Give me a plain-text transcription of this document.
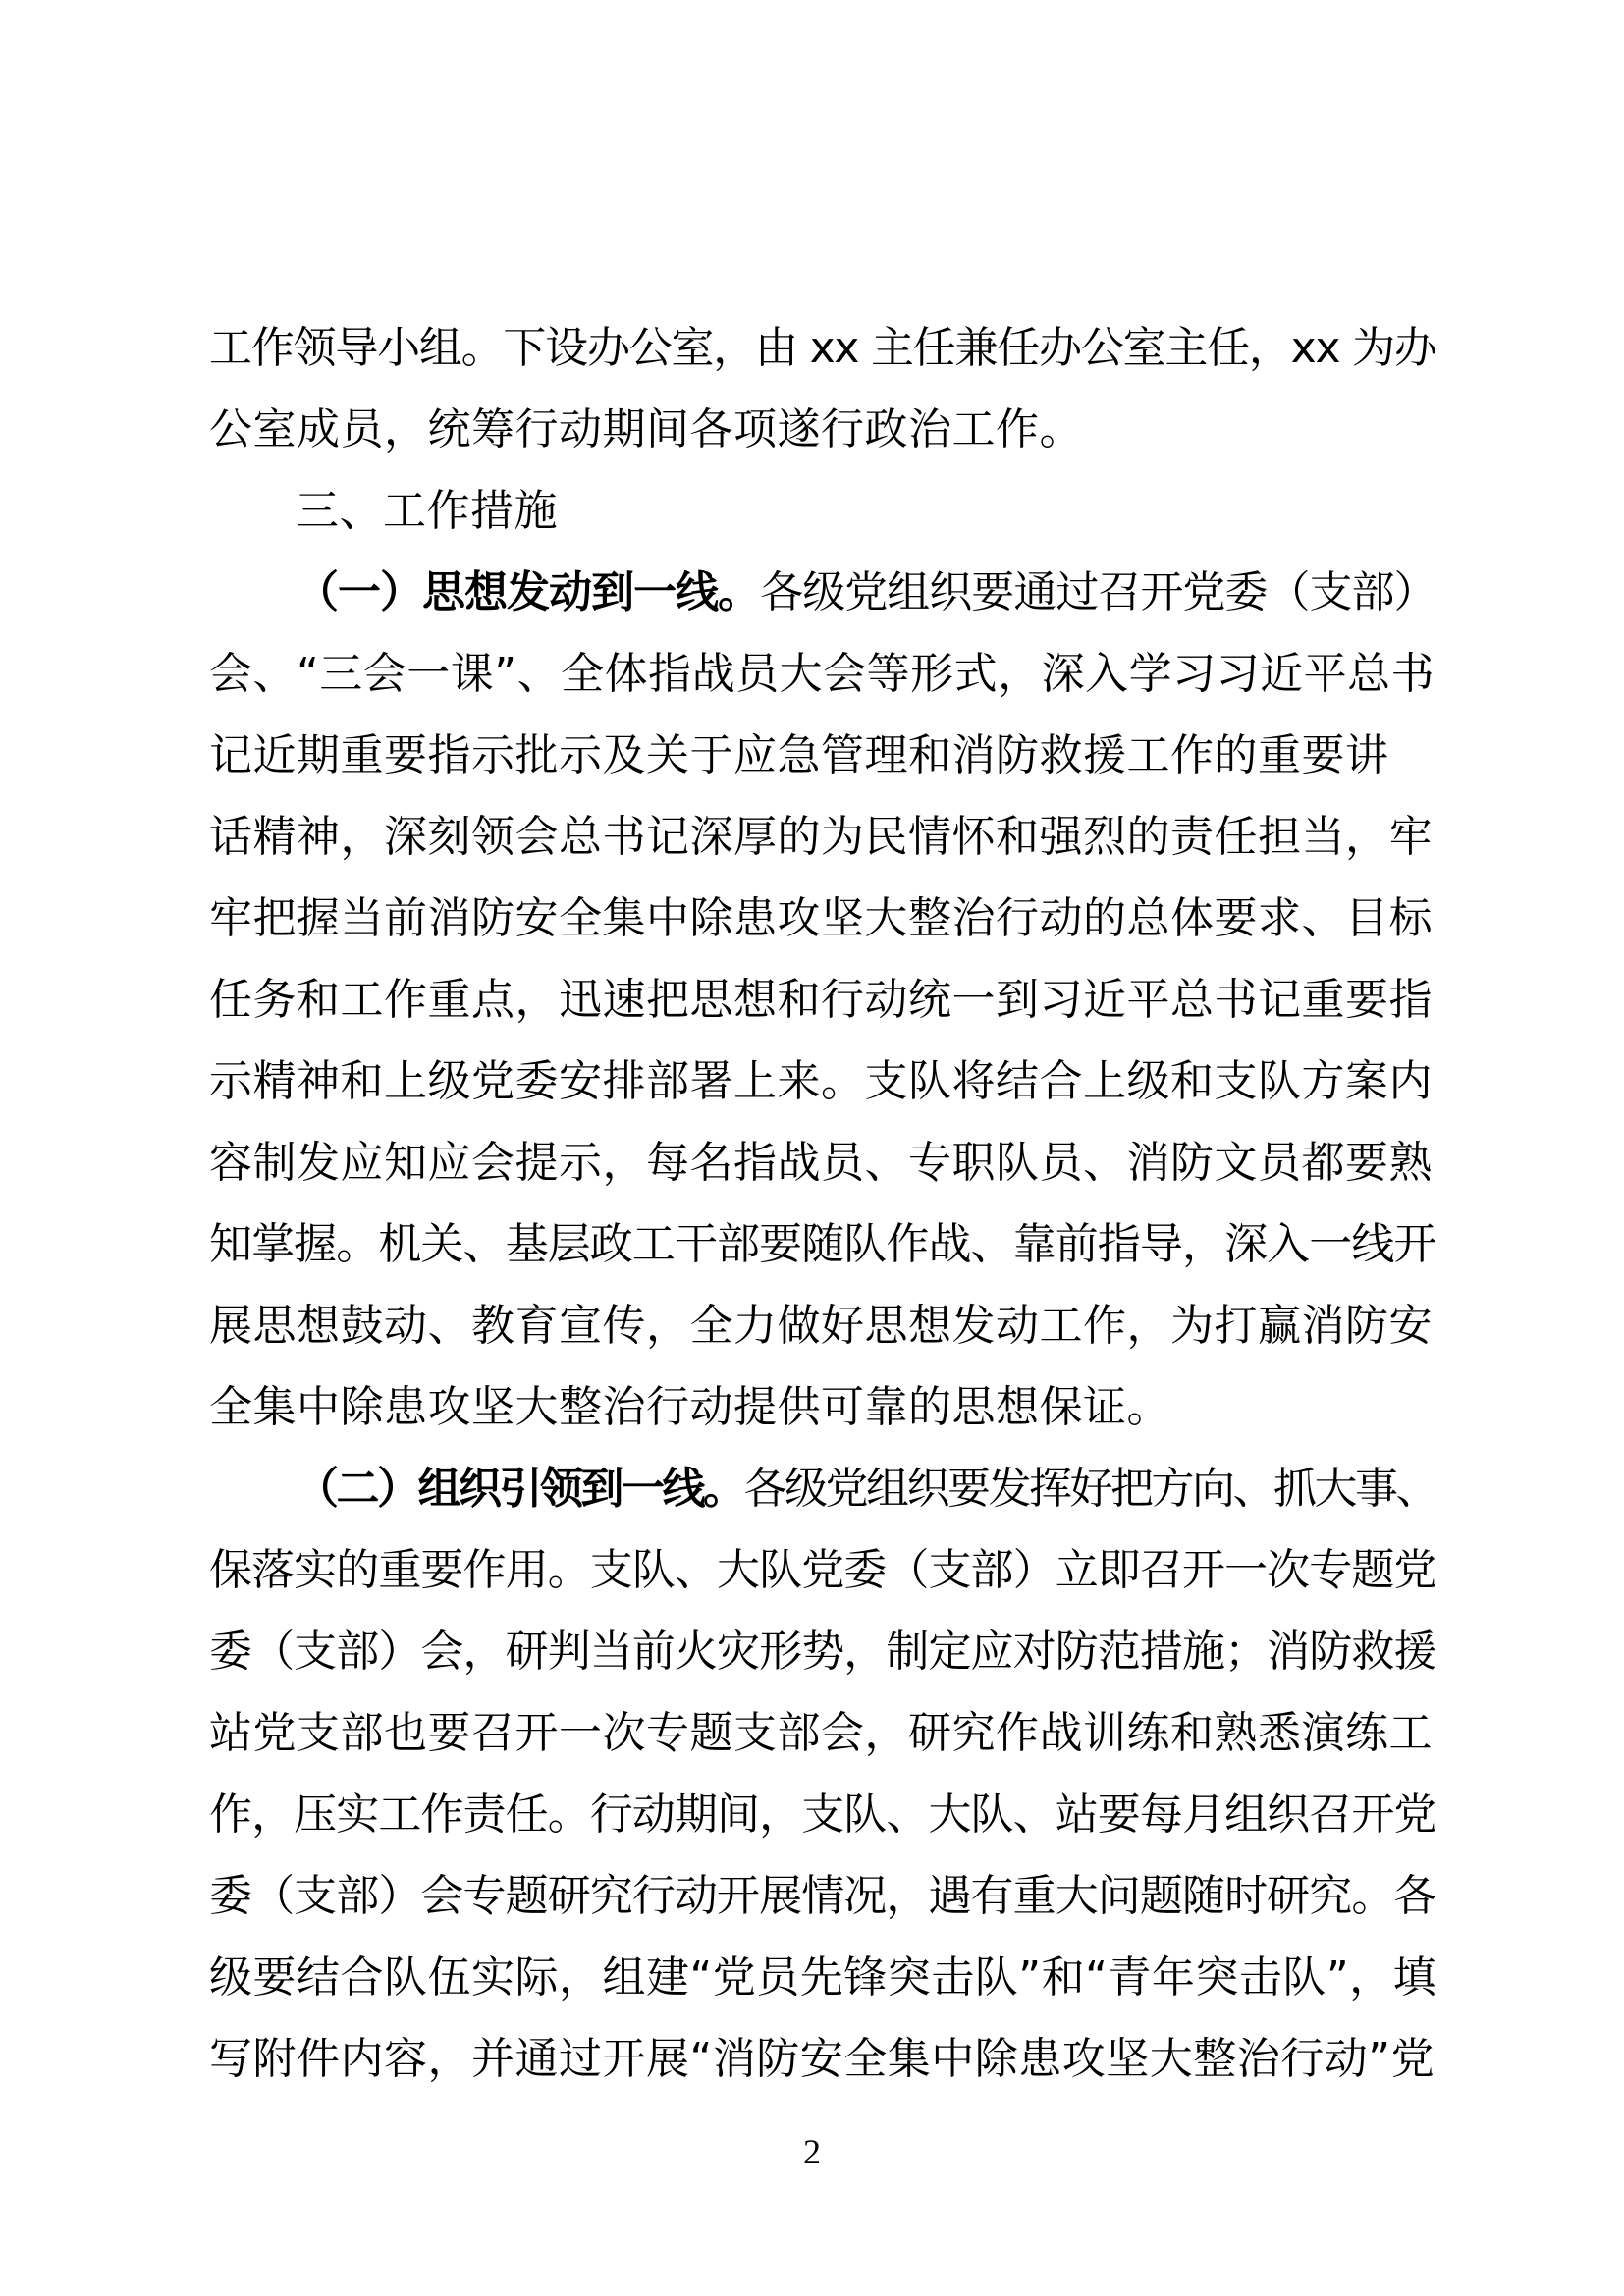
工作领导小组。下设办公室，由 xx 主任兼任办公室主任，xx 为办
公室成员，统筹行动期间各项遂行政治工作。
三、工作措施
（一）思想发动到一线。各级党组织要通过召开党委（支部）
会、“三会一课”、全体指战员大会等形式，深入学习习近平总书
记近期重要指示批示及关于应急管理和消防救援工作的重要讲
话精神，深刻领会总书记深厚的为民情怀和强烈的责任担当，牢
牢把握当前消防安全集中除患攻坚大整治行动的总体要求、目标
任务和工作重点，迅速把思想和行动统一到习近平总书记重要指
示精神和上级党委安排部署上来。支队将结合上级和支队方案内
容制发应知应会提示，每名指战员、专职队员、消防文员都要熟
知掌握。机关、基层政工干部要随队作战、靠前指导，深入一线开
展思想鼓动、教育宣传，全力做好思想发动工作，为打赢消防安
全集中除患攻坚大整治行动提供可靠的思想保证。
（二）组织引领到一线。各级党组织要发挥好把方向、抓大事、
保落实的重要作用。支队、大队党委（支部）立即召开一次专题党
委（支部）会，研判当前火灾形势，制定应对防范措施；消防救援
站党支部也要召开一次专题支部会，研究作战训练和熟悉演练工
作，压实工作责任。行动期间，支队、大队、站要每月组织召开党
委（支部）会专题研究行动开展情况，遇有重大问题随时研究。各
级要结合队伍实际，组建“党员先锋突击队”和“青年突击队”，填
写附件内容，并通过开展“消防安全集中除患攻坚大整治行动”党
2
